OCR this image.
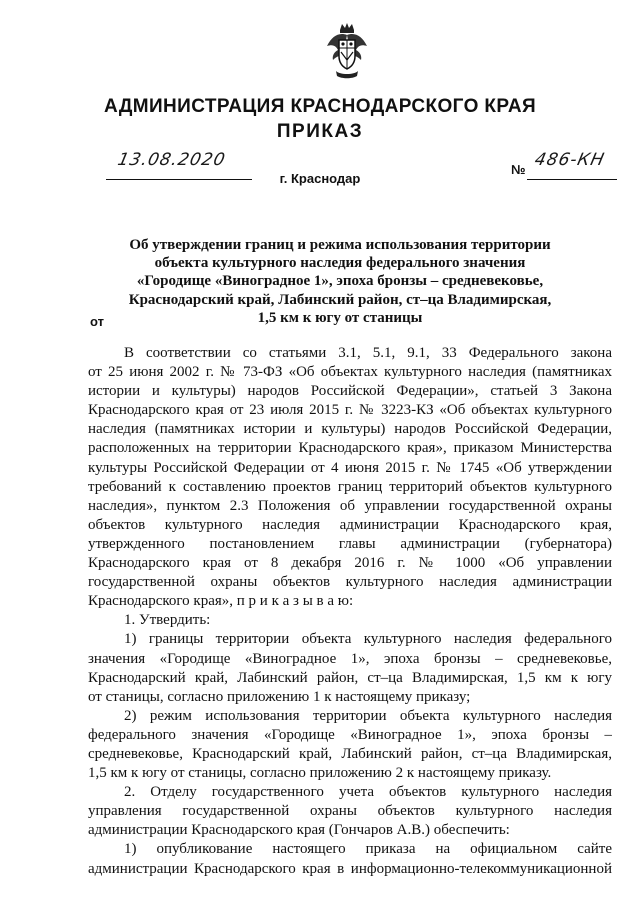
АДМИНИСТРАЦИЯ КРАСНОДАРСКОГО КРАЯ
ПРИКАЗ
от
13.08.2020	№ 486-КН
г. Краснодар
Об утверждении границ и режима использования территории
объекта культурного наследия федерального значения
«Городище «Виноградное 1», эпоха бронзы – средневековье,
Краснодарский край, Лабинский район, ст–ца Владимирская,
1,5 км к югу от станицы
В соответствии со статьями 3.1, 5.1, 9.1, 33 Федерального закона
от 25 июня 2002 г. № 73-ФЗ «Об объектах культурного наследия (памятниках
истории и культуры) народов Российской Федерации», статьей 3 Закона
Краснодарского края от 23 июля 2015 г. № 3223-КЗ «Об объектах культурного
наследия (памятниках истории и культуры) народов Российской Федерации,
расположенных на территории Краснодарского края», приказом Министерства
культуры Российской Федерации от 4 июня 2015 г. № 1745 «Об утверждении
требований к составлению проектов границ территорий объектов культурного
наследия», пунктом 2.3 Положения об управлении государственной охраны
объектов культурного наследия администрации Краснодарского края,
утвержденного постановлением главы администрации (губернатора)
Краснодарского края от 8 декабря 2016 г. № 1000 «Об управлении
государственной охраны объектов культурного наследия администрации
Краснодарского края», п р и к а з ы в а ю:
1. Утвердить:
1) границы территории объекта культурного наследия федерального
значения «Городище «Виноградное 1», эпоха бронзы – средневековье,
Краснодарский край, Лабинский район, ст–ца Владимирская, 1,5 км к югу
от станицы, согласно приложению 1 к настоящему приказу;
2) режим использования территории объекта культурного наследия
федерального значения «Городище «Виноградное 1», эпоха бронзы –
средневековье, Краснодарский край, Лабинский район, ст–ца Владимирская,
1,5 км к югу от станицы, согласно приложению 2 к настоящему приказу.
2. Отделу государственного учета объектов культурного наследия
управления государственной охраны объектов культурного наследия
администрации Краснодарского края (Гончаров А.В.) обеспечить:
1) опубликование настоящего приказа на официальном сайте
администрации Краснодарского края в информационно-телекоммуникационной
